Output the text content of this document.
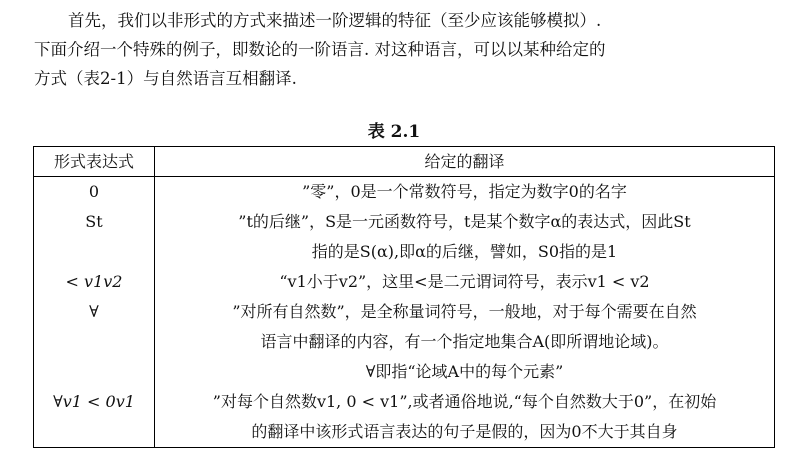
首先，我们以非形式的方式来描述一阶逻辑的特征（至少应该能够模拟）.
下面介绍一个特殊的例子，即数论的一阶语言. 对这种语言，可以以某种给定的
方式（表2-1）与自然语言互相翻译.
表 2.1
形式表达式	给定的翻译
0	”零”，0是一个常数符号，指定为数字0的名字

St	”t的后继”，S是一元函数符号，t是某个数字α的表达式，因此St
指的是S(α),即α的后继，譬如，S0指的是1

< v1v2	“v1小于v2”，这里<是二元谓词符号，表示v1 < v2

∀	”对所有自然数”，是全称量词符号，一般地，对于每个需要在自然
语言中翻译的内容，有一个指定地集合A(即所谓地论域)。
∀即指“论域A中的每个元素”

∀v1 < 0v1	”对每个自然数v1, 0 < v1”,或者通俗地说,“每个自然数大于0”，在初始
的翻译中该形式语言表达的句子是假的，因为0不大于其自身
